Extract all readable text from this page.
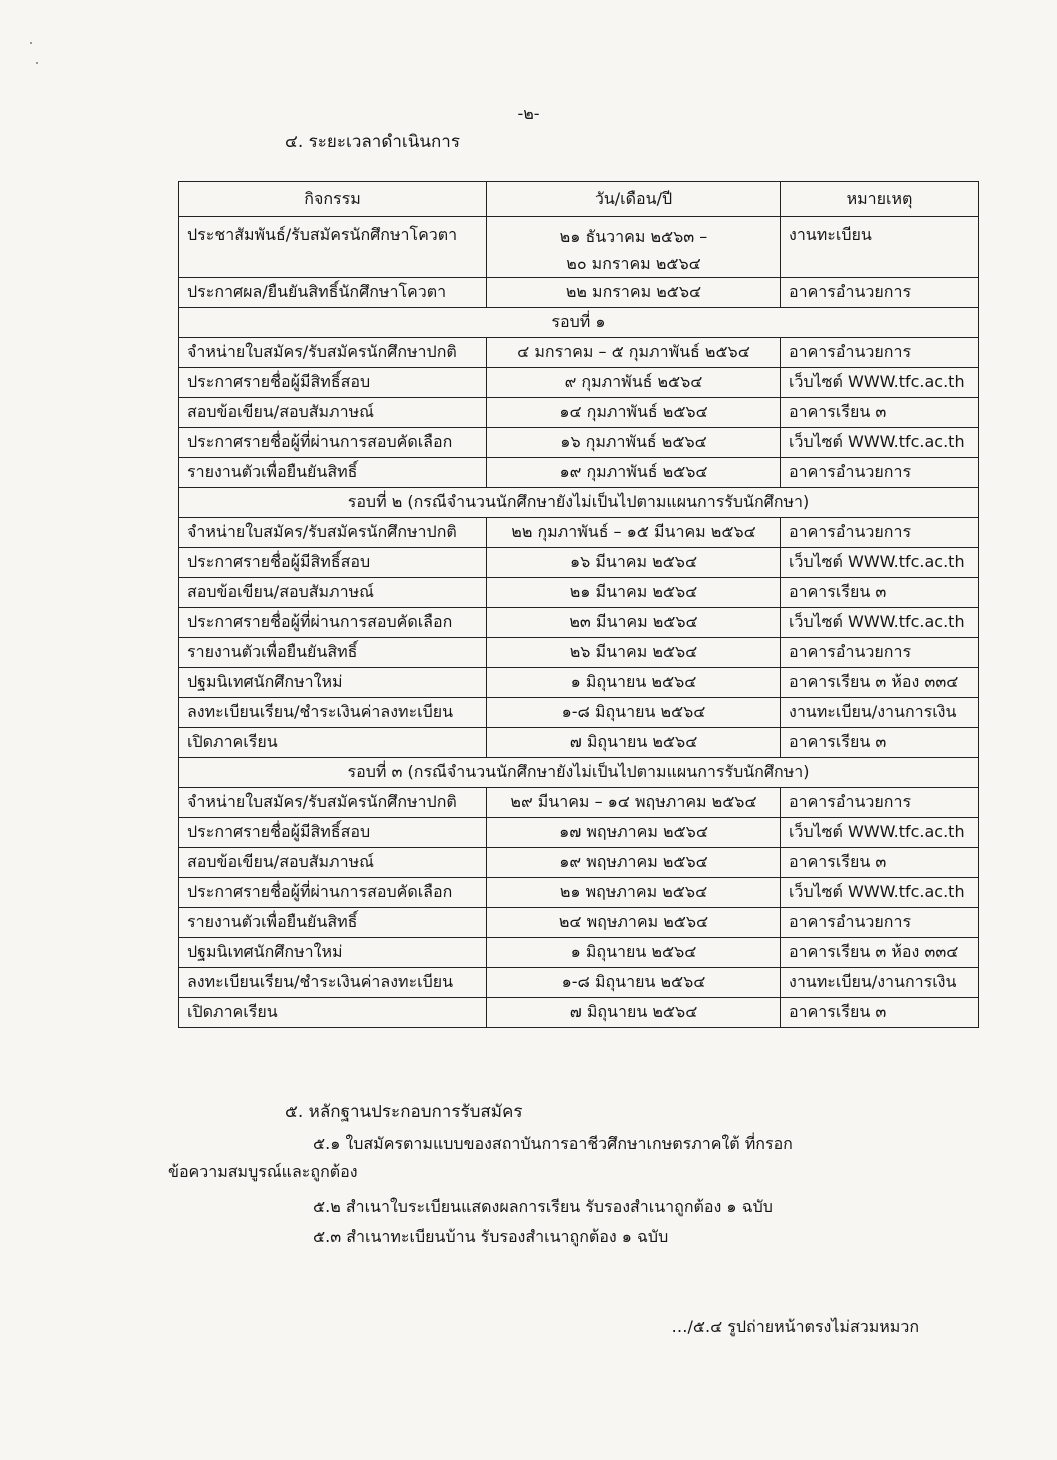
-๒-
๔. ระยะเวลาดำเนินการ
กิจกรรม	วัน/เดือน/ปี	หมายเหตุ
ประชาสัมพันธ์/รับสมัครนักศึกษาโควตา	๒๑ ธันวาคม ๒๕๖๓ –
๒๐ มกราคม ๒๕๖๔	งานทะเบียน
ประกาศผล/ยืนยันสิทธิ์นักศึกษาโควตา	๒๒ มกราคม ๒๕๖๔	อาคารอำนวยการ
รอบที่ ๑		
จำหน่ายใบสมัคร/รับสมัครนักศึกษาปกติ	๔ มกราคม – ๕ กุมภาพันธ์ ๒๕๖๔	อาคารอำนวยการ
ประกาศรายชื่อผู้มีสิทธิ์สอบ	๙ กุมภาพันธ์ ๒๕๖๔	เว็บไซต์ WWW.tfc.ac.th
สอบข้อเขียน/สอบสัมภาษณ์	๑๔ กุมภาพันธ์ ๒๕๖๔	อาคารเรียน ๓
ประกาศรายชื่อผู้ที่ผ่านการสอบคัดเลือก	๑๖ กุมภาพันธ์ ๒๕๖๔	เว็บไซต์ WWW.tfc.ac.th
รายงานตัวเพื่อยืนยันสิทธิ์	๑๙ กุมภาพันธ์ ๒๕๖๔	อาคารอำนวยการ
รอบที่ ๒ (กรณีจำนวนนักศึกษายังไม่เป็นไปตามแผนการรับนักศึกษา)		
จำหน่ายใบสมัคร/รับสมัครนักศึกษาปกติ	๒๒ กุมภาพันธ์ – ๑๕ มีนาคม ๒๕๖๔	อาคารอำนวยการ
ประกาศรายชื่อผู้มีสิทธิ์สอบ	๑๖ มีนาคม ๒๕๖๔	เว็บไซต์ WWW.tfc.ac.th
สอบข้อเขียน/สอบสัมภาษณ์	๒๑ มีนาคม ๒๕๖๔	อาคารเรียน ๓
ประกาศรายชื่อผู้ที่ผ่านการสอบคัดเลือก	๒๓ มีนาคม ๒๕๖๔	เว็บไซต์ WWW.tfc.ac.th
รายงานตัวเพื่อยืนยันสิทธิ์	๒๖ มีนาคม ๒๕๖๔	อาคารอำนวยการ
ปฐมนิเทศนักศึกษาใหม่	๑ มิถุนายน ๒๕๖๔	อาคารเรียน ๓ ห้อง ๓๓๔
ลงทะเบียนเรียน/ชำระเงินค่าลงทะเบียน	๑-๘ มิถุนายน ๒๕๖๔	งานทะเบียน/งานการเงิน
เปิดภาคเรียน	๗ มิถุนายน ๒๕๖๔	อาคารเรียน ๓
รอบที่ ๓ (กรณีจำนวนนักศึกษายังไม่เป็นไปตามแผนการรับนักศึกษา)		
จำหน่ายใบสมัคร/รับสมัครนักศึกษาปกติ	๒๙ มีนาคม – ๑๔ พฤษภาคม ๒๕๖๔	อาคารอำนวยการ
ประกาศรายชื่อผู้มีสิทธิ์สอบ	๑๗ พฤษภาคม ๒๕๖๔	เว็บไซต์ WWW.tfc.ac.th
สอบข้อเขียน/สอบสัมภาษณ์	๑๙ พฤษภาคม ๒๕๖๔	อาคารเรียน ๓
ประกาศรายชื่อผู้ที่ผ่านการสอบคัดเลือก	๒๑ พฤษภาคม ๒๕๖๔	เว็บไซต์ WWW.tfc.ac.th
รายงานตัวเพื่อยืนยันสิทธิ์	๒๔ พฤษภาคม ๒๕๖๔	อาคารอำนวยการ
ปฐมนิเทศนักศึกษาใหม่	๑ มิถุนายน ๒๕๖๔	อาคารเรียน ๓ ห้อง ๓๓๔
ลงทะเบียนเรียน/ชำระเงินค่าลงทะเบียน	๑-๘ มิถุนายน ๒๕๖๔	งานทะเบียน/งานการเงิน
เปิดภาคเรียน	๗ มิถุนายน ๒๕๖๔	อาคารเรียน ๓
๕. หลักฐานประกอบการรับสมัคร
๕.๑ ใบสมัครตามแบบของสถาบันการอาชีวศึกษาเกษตรภาคใต้ ที่กรอก
ข้อความสมบูรณ์และถูกต้อง
๕.๒ สำเนาใบระเบียนแสดงผลการเรียน รับรองสำเนาถูกต้อง ๑ ฉบับ
๕.๓ สำเนาทะเบียนบ้าน รับรองสำเนาถูกต้อง ๑ ฉบับ
…/๕.๔ รูปถ่ายหน้าตรงไม่สวมหมวก
